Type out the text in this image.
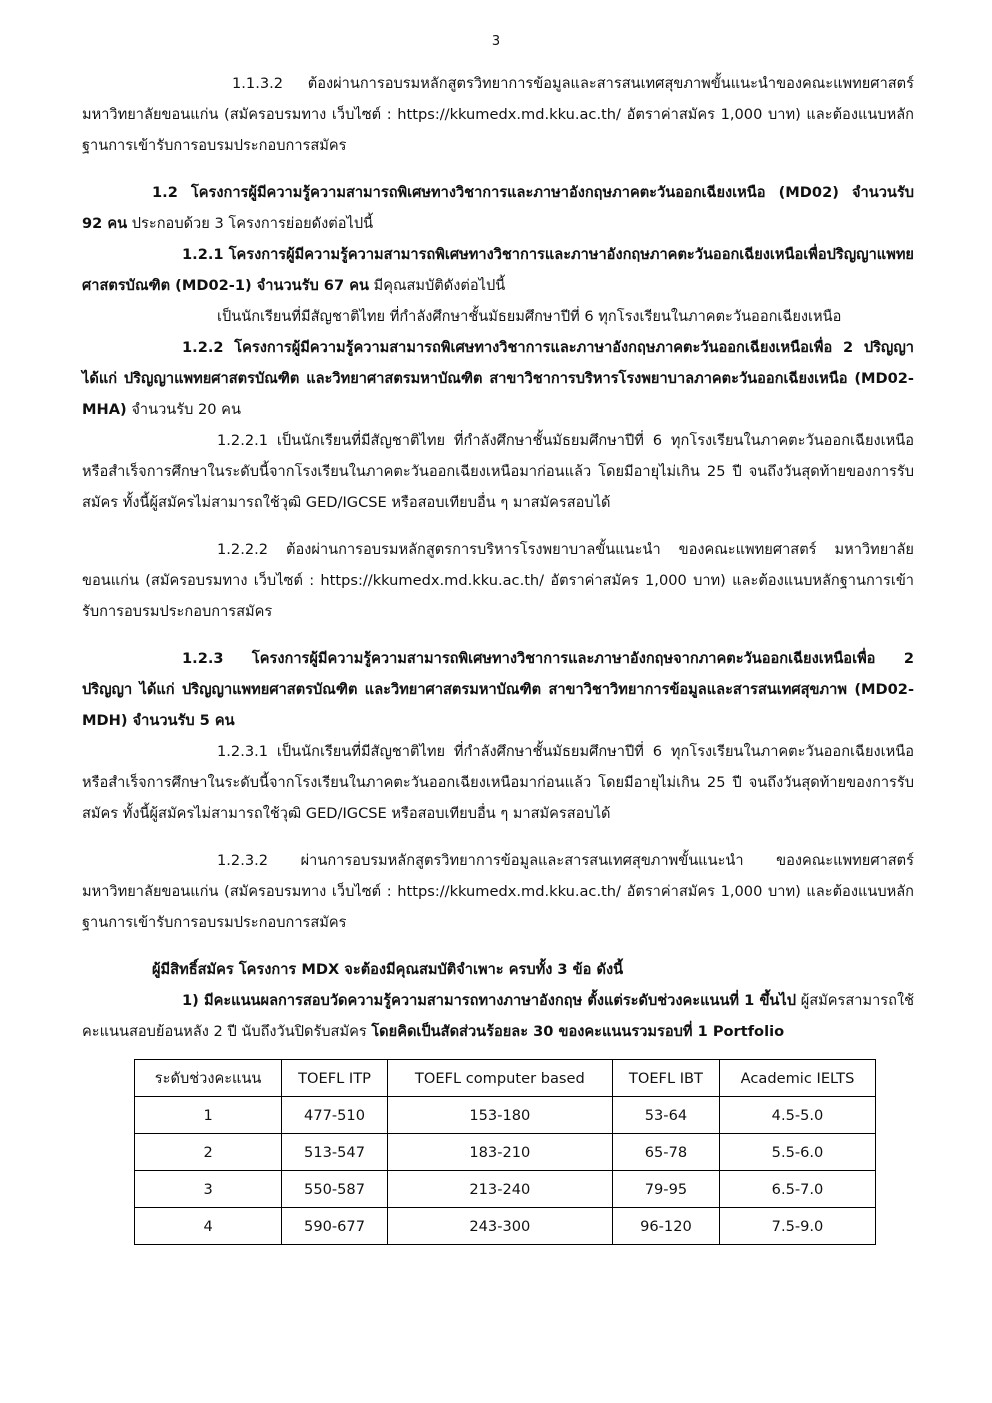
3

1.1.3.2 ต้องผ่านการอบรมหลักสูตรวิทยาการข้อมูลและสารสนเทศสุขภาพขั้นแนะนำของคณะแพทยศาสตร์ มหาวิทยาลัยขอนแก่น (สมัครอบรมทาง เว็บไซต์ : https://kkumedx.md.kku.ac.th/ อัตราค่าสมัคร 1,000 บาท) และต้องแนบหลักฐานการเข้ารับการอบรมประกอบการสมัคร

1.2 โครงการผู้มีความรู้ความสามารถพิเศษทางวิชาการและภาษาอังกฤษภาคตะวันออกเฉียงเหนือ (MD02) จำนวนรับ 92 คน ประกอบด้วย 3 โครงการย่อยดังต่อไปนี้

1.2.1 โครงการผู้มีความรู้ความสามารถพิเศษทางวิชาการและภาษาอังกฤษภาคตะวันออกเฉียงเหนือเพื่อปริญญาแพทยศาสตรบัณฑิต (MD02-1) จำนวนรับ 67 คน มีคุณสมบัติดังต่อไปนี้

เป็นนักเรียนที่มีสัญชาติไทย ที่กำลังศึกษาชั้นมัธยมศึกษาปีที่ 6 ทุกโรงเรียนในภาคตะวันออกเฉียงเหนือ

1.2.2 โครงการผู้มีความรู้ความสามารถพิเศษทางวิชาการและภาษาอังกฤษภาคตะวันออกเฉียงเหนือเพื่อ 2 ปริญญา ได้แก่ ปริญญาแพทยศาสตรบัณฑิต และวิทยาศาสตรมหาบัณฑิต สาขาวิชาการบริหารโรงพยาบาลภาคตะวันออกเฉียงเหนือ (MD02-MHA) จำนวนรับ 20 คน

1.2.2.1 เป็นนักเรียนที่มีสัญชาติไทย ที่กำลังศึกษาชั้นมัธยมศึกษาปีที่ 6 ทุกโรงเรียนในภาคตะวันออกเฉียงเหนือ หรือสำเร็จการศึกษาในระดับนี้จากโรงเรียนในภาคตะวันออกเฉียงเหนือมาก่อนแล้ว โดยมีอายุไม่เกิน 25 ปี จนถึงวันสุดท้ายของการรับสมัคร ทั้งนี้ผู้สมัครไม่สามารถใช้วุฒิ GED/IGCSE หรือสอบเทียบอื่น ๆ มาสมัครสอบได้

1.2.2.2 ต้องผ่านการอบรมหลักสูตรการบริหารโรงพยาบาลขั้นแนะนำ ของคณะแพทยศาสตร์ มหาวิทยาลัยขอนแก่น (สมัครอบรมทาง เว็บไซต์ : https://kkumedx.md.kku.ac.th/ อัตราค่าสมัคร 1,000 บาท) และต้องแนบหลักฐานการเข้ารับการอบรมประกอบการสมัคร

1.2.3 โครงการผู้มีความรู้ความสามารถพิเศษทางวิชาการและภาษาอังกฤษจากภาคตะวันออกเฉียงเหนือเพื่อ 2 ปริญญา ได้แก่ ปริญญาแพทยศาสตรบัณฑิต และวิทยาศาสตรมหาบัณฑิต สาขาวิชาวิทยาการข้อมูลและสารสนเทศสุขภาพ (MD02-MDH) จำนวนรับ 5 คน

1.2.3.1 เป็นนักเรียนที่มีสัญชาติไทย ที่กำลังศึกษาชั้นมัธยมศึกษาปีที่ 6 ทุกโรงเรียนในภาคตะวันออกเฉียงเหนือ หรือสำเร็จการศึกษาในระดับนี้จากโรงเรียนในภาคตะวันออกเฉียงเหนือมาก่อนแล้ว โดยมีอายุไม่เกิน 25 ปี จนถึงวันสุดท้ายของการรับสมัคร ทั้งนี้ผู้สมัครไม่สามารถใช้วุฒิ GED/IGCSE หรือสอบเทียบอื่น ๆ มาสมัครสอบได้

1.2.3.2 ผ่านการอบรมหลักสูตรวิทยาการข้อมูลและสารสนเทศสุขภาพขั้นแนะนำ ของคณะแพทยศาสตร์ มหาวิทยาลัยขอนแก่น (สมัครอบรมทาง เว็บไซต์ : https://kkumedx.md.kku.ac.th/ อัตราค่าสมัคร 1,000 บาท) และต้องแนบหลักฐานการเข้ารับการอบรมประกอบการสมัคร

ผู้มีสิทธิ์สมัคร โครงการ MDX จะต้องมีคุณสมบัติจำเพาะ ครบทั้ง 3 ข้อ ดังนี้

1) มีคะแนนผลการสอบวัดความรู้ความสามารถทางภาษาอังกฤษ ตั้งแต่ระดับช่วงคะแนนที่ 1 ขึ้นไป ผู้สมัครสามารถใช้คะแนนสอบย้อนหลัง 2 ปี นับถึงวันปิดรับสมัคร โดยคิดเป็นสัดส่วนร้อยละ 30 ของคะแนนรวมรอบที่ 1 Portfolio

ระดับช่วงคะแนน	TOEFL ITP	TOEFL computer based	TOEFL IBT	Academic IELTS
1	477-510	153-180	53-64	4.5-5.0
2	513-547	183-210	65-78	5.5-6.0
3	550-587	213-240	79-95	6.5-7.0
4	590-677	243-300	96-120	7.5-9.0
